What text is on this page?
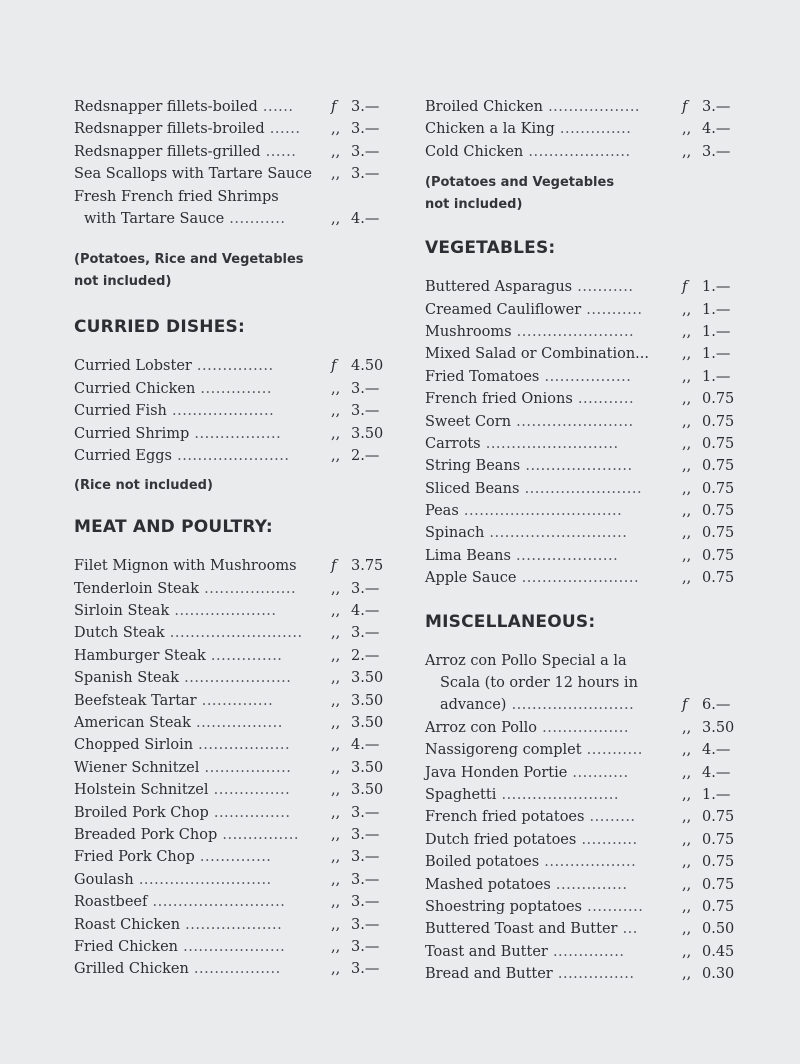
Redsnapper fillets-boiled ......	f 3.—
Redsnapper fillets-broiled ...... ,, 3.—
Redsnapper fillets-grilled ...... ,, 3.—
Sea Scallops with Tartare Sauce ,, 3.—
Fresh French fried Shrimps
with Tartare Sauce ...........	,, 4.—
(Potatoes, Rice and Vegetables
not included)
CURRIED DISHES:
Curried Lobster ...............	f 4.50
Curried Chicken ..............	,, 3.—
Curried Fish ....................	,, 3.—
Curried Shrimp .................	,, 3.50
Curried Eggs ......................	,, 2.—
(Rice not included)
MEAT AND POULTRY:
Filet Mignon with Mushrooms f 3.75
Tenderloin Steak .................. ,, 3.—
Sirloin Steak ....................	,, 4.—
Dutch Steak .......................... ,, 3.—
Hamburger Steak ..............	,, 2.—
Spanish Steak .....................	,, 3.50
Beefsteak Tartar ..............	,, 3.50
American Steak .................	,, 3.50
Chopped Sirloin ..................	,, 4.—
Wiener Schnitzel .................	,, 3.50
Holstein Schnitzel ...............	,, 3.50
Broiled Pork Chop ...............	,, 3.—
Breaded Pork Chop ............... ,, 3.—
Fried Pork Chop ..............	,, 3.—
Goulash ..........................	,, 3.—
Roastbeef ..........................	,, 3.—
Roast Chicken ...................	,, 3.—
Fried Chicken ....................	,, 3.—
Grilled Chicken .................	,, 3.—
Broiled Chicken ..................	f 3.—
Chicken a la King ..............	,, 4.—
Cold Chicken ....................	,, 3.—
(Potatoes and Vegetables
not included)
VEGETABLES:
Buttered Asparagus ...........	f 1.—
Creamed Cauliflower ...........	,, 1.—
Mushrooms .......................	,, 1.—
Mixed Salad or Combination... ,, 1.—
Fried Tomatoes .................	,, 1.—
French fried Onions ...........	,, 0.75
Sweet Corn .......................	,, 0.75
Carrots ..........................	,, 0.75
String Beans .....................	,, 0.75
Sliced Beans .......................	,, 0.75
Peas ...............................	,, 0.75
Spinach ...........................	,, 0.75
Lima Beans ....................	,, 0.75
Apple Sauce .......................	,, 0.75
MISCELLANEOUS:
Arroz con Pollo Special a la
Scala (to order 12 hours in
advance) ........................	f 6.—
Arroz con Pollo .................	,, 3.50
Nassigoreng complet ...........	,, 4.—
Java Honden Portie ...........	,, 4.—
Spaghetti .......................	,, 1.—
French fried potatoes .........	,, 0.75
Dutch fried potatoes ...........	,, 0.75
Boiled potatoes ..................	,, 0.75
Mashed potatoes ..............	,, 0.75
Shoestring poptatoes ...........	,, 0.75
Buttered Toast and Butter ...	,, 0.50
Toast and Butter ..............	,, 0.45
Bread and Butter ...............	,, 0.30
